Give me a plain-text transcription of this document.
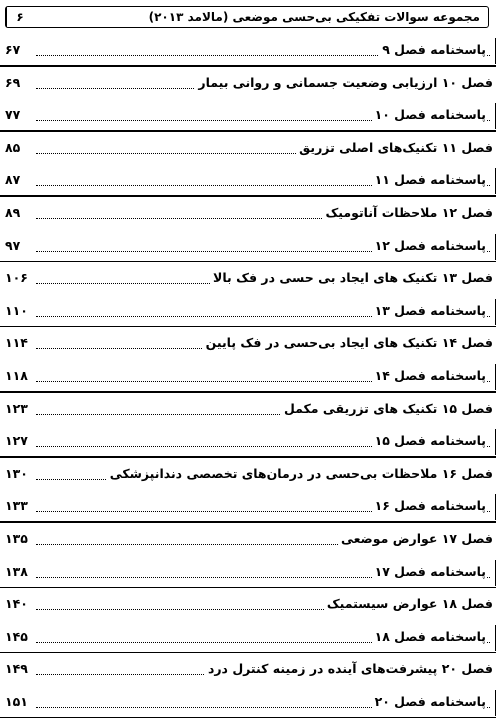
۶	مجموعه سوالات تفکیکی بی‌حسی موضعی (مالامد ۲۰۱۳)
پاسخنامه فصل ۹
۶۷
فصل ۱۰ ارزیابی وضعیت جسمانی و روانی بیمار
۶۹
پاسخنامه فصل ۱۰
۷۷
فصل ۱۱ تکنیک‌های اصلی تزریق
۸۵
پاسخنامه فصل ۱۱
۸۷
فصل ۱۲ ملاحظات آناتومیک
۸۹
پاسخنامه فصل ۱۲
۹۷
فصل ۱۳ تکنیک های ایجاد بی حسی در فک بالا
۱۰۶
پاسخنامه فصل ۱۳
۱۱۰
فصل ۱۴ تکنیک های ایجاد بی‌حسی در فک پایین
۱۱۴
پاسخنامه فصل ۱۴
۱۱۸
فصل ۱۵ تکنیک های تزریقی مکمل
۱۲۳
پاسخنامه فصل ۱۵
۱۲۷
فصل ۱۶ ملاحظات بی‌حسی در درمان‌های تخصصی دندانپزشکی
۱۳۰
پاسخنامه فصل ۱۶
۱۳۳
فصل ۱۷ عوارض موضعی
۱۳۵
پاسخنامه فصل ۱۷
۱۳۸
فصل ۱۸ عوارض سیستمیک
۱۴۰
پاسخنامه فصل ۱۸
۱۴۵
فصل ۲۰ پیشرفت‌های آینده در زمینه کنترل درد
۱۴۹
پاسخنامه فصل ۲۰
۱۵۱
